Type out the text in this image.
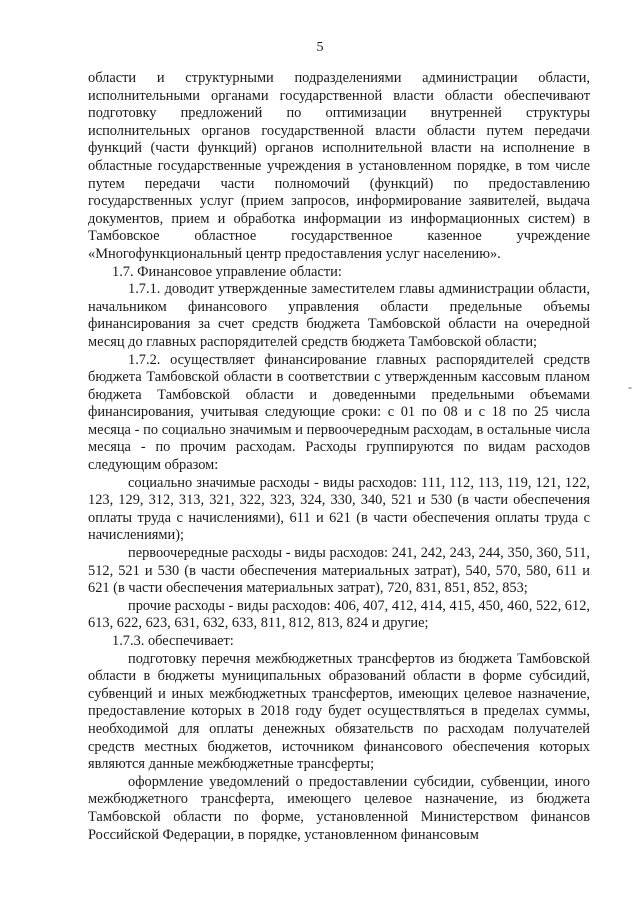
5

области и структурными подразделениями администрации области, исполнительными органами государственной власти области обеспечивают подготовку предложений по оптимизации внутренней структуры исполнительных органов государственной власти области путем передачи функций (части функций) органов исполнительной власти на исполнение в областные государственные учреждения в установленном порядке, в том числе путем передачи части полномочий (функций) по предоставлению государственных услуг (прием запросов, информирование заявителей, выдача документов, прием и обработка информации из информационных систем) в Тамбовское областное государственное казенное учреждение «Многофункциональный центр предоставления услуг населению».

1.7. Финансовое управление области:

1.7.1. доводит утвержденные заместителем главы администрации области, начальником финансового управления области предельные объемы финансирования за счет средств бюджета Тамбовской области на очередной месяц до главных распорядителей средств бюджета Тамбовской области;

1.7.2. осуществляет финансирование главных распорядителей средств бюджета Тамбовской области в соответствии с утвержденным кассовым планом бюджета Тамбовской области и доведенными предельными объемами финансирования, учитывая следующие сроки: с 01 по 08 и с 18 по 25 числа месяца - по социально значимым и первоочередным расходам, в остальные числа месяца - по прочим расходам. Расходы группируются по видам расходов следующим образом:

социально значимые расходы - виды расходов: 111, 112, 113, 119, 121, 122, 123, 129, 312, 313, 321, 322, 323, 324, 330, 340, 521 и 530 (в части обеспечения оплаты труда с начислениями), 611 и 621 (в части обеспечения оплаты труда с начислениями);

первоочередные расходы - виды расходов: 241, 242, 243, 244, 350, 360, 511, 512, 521 и 530 (в части обеспечения материальных затрат), 540, 570, 580, 611 и 621 (в части обеспечения материальных затрат), 720, 831, 851, 852, 853;

прочие расходы - виды расходов: 406, 407, 412, 414, 415, 450, 460, 522, 612, 613, 622, 623, 631, 632, 633, 811, 812, 813, 824 и другие;

1.7.3. обеспечивает:

подготовку перечня межбюджетных трансфертов из бюджета Тамбовской области в бюджеты муниципальных образований области в форме субсидий, субвенций и иных межбюджетных трансфертов, имеющих целевое назначение, предоставление которых в 2018 году будет осуществляться в пределах суммы, необходимой для оплаты денежных обязательств по расходам получателей средств местных бюджетов, источником финансового обеспечения которых являются данные межбюджетные трансферты;

оформление уведомлений о предоставлении субсидии, субвенции, иного межбюджетного трансферта, имеющего целевое назначение, из бюджета Тамбовской области по форме, установленной Министерством финансов Российской Федерации, в порядке, установленном финансовым

-
